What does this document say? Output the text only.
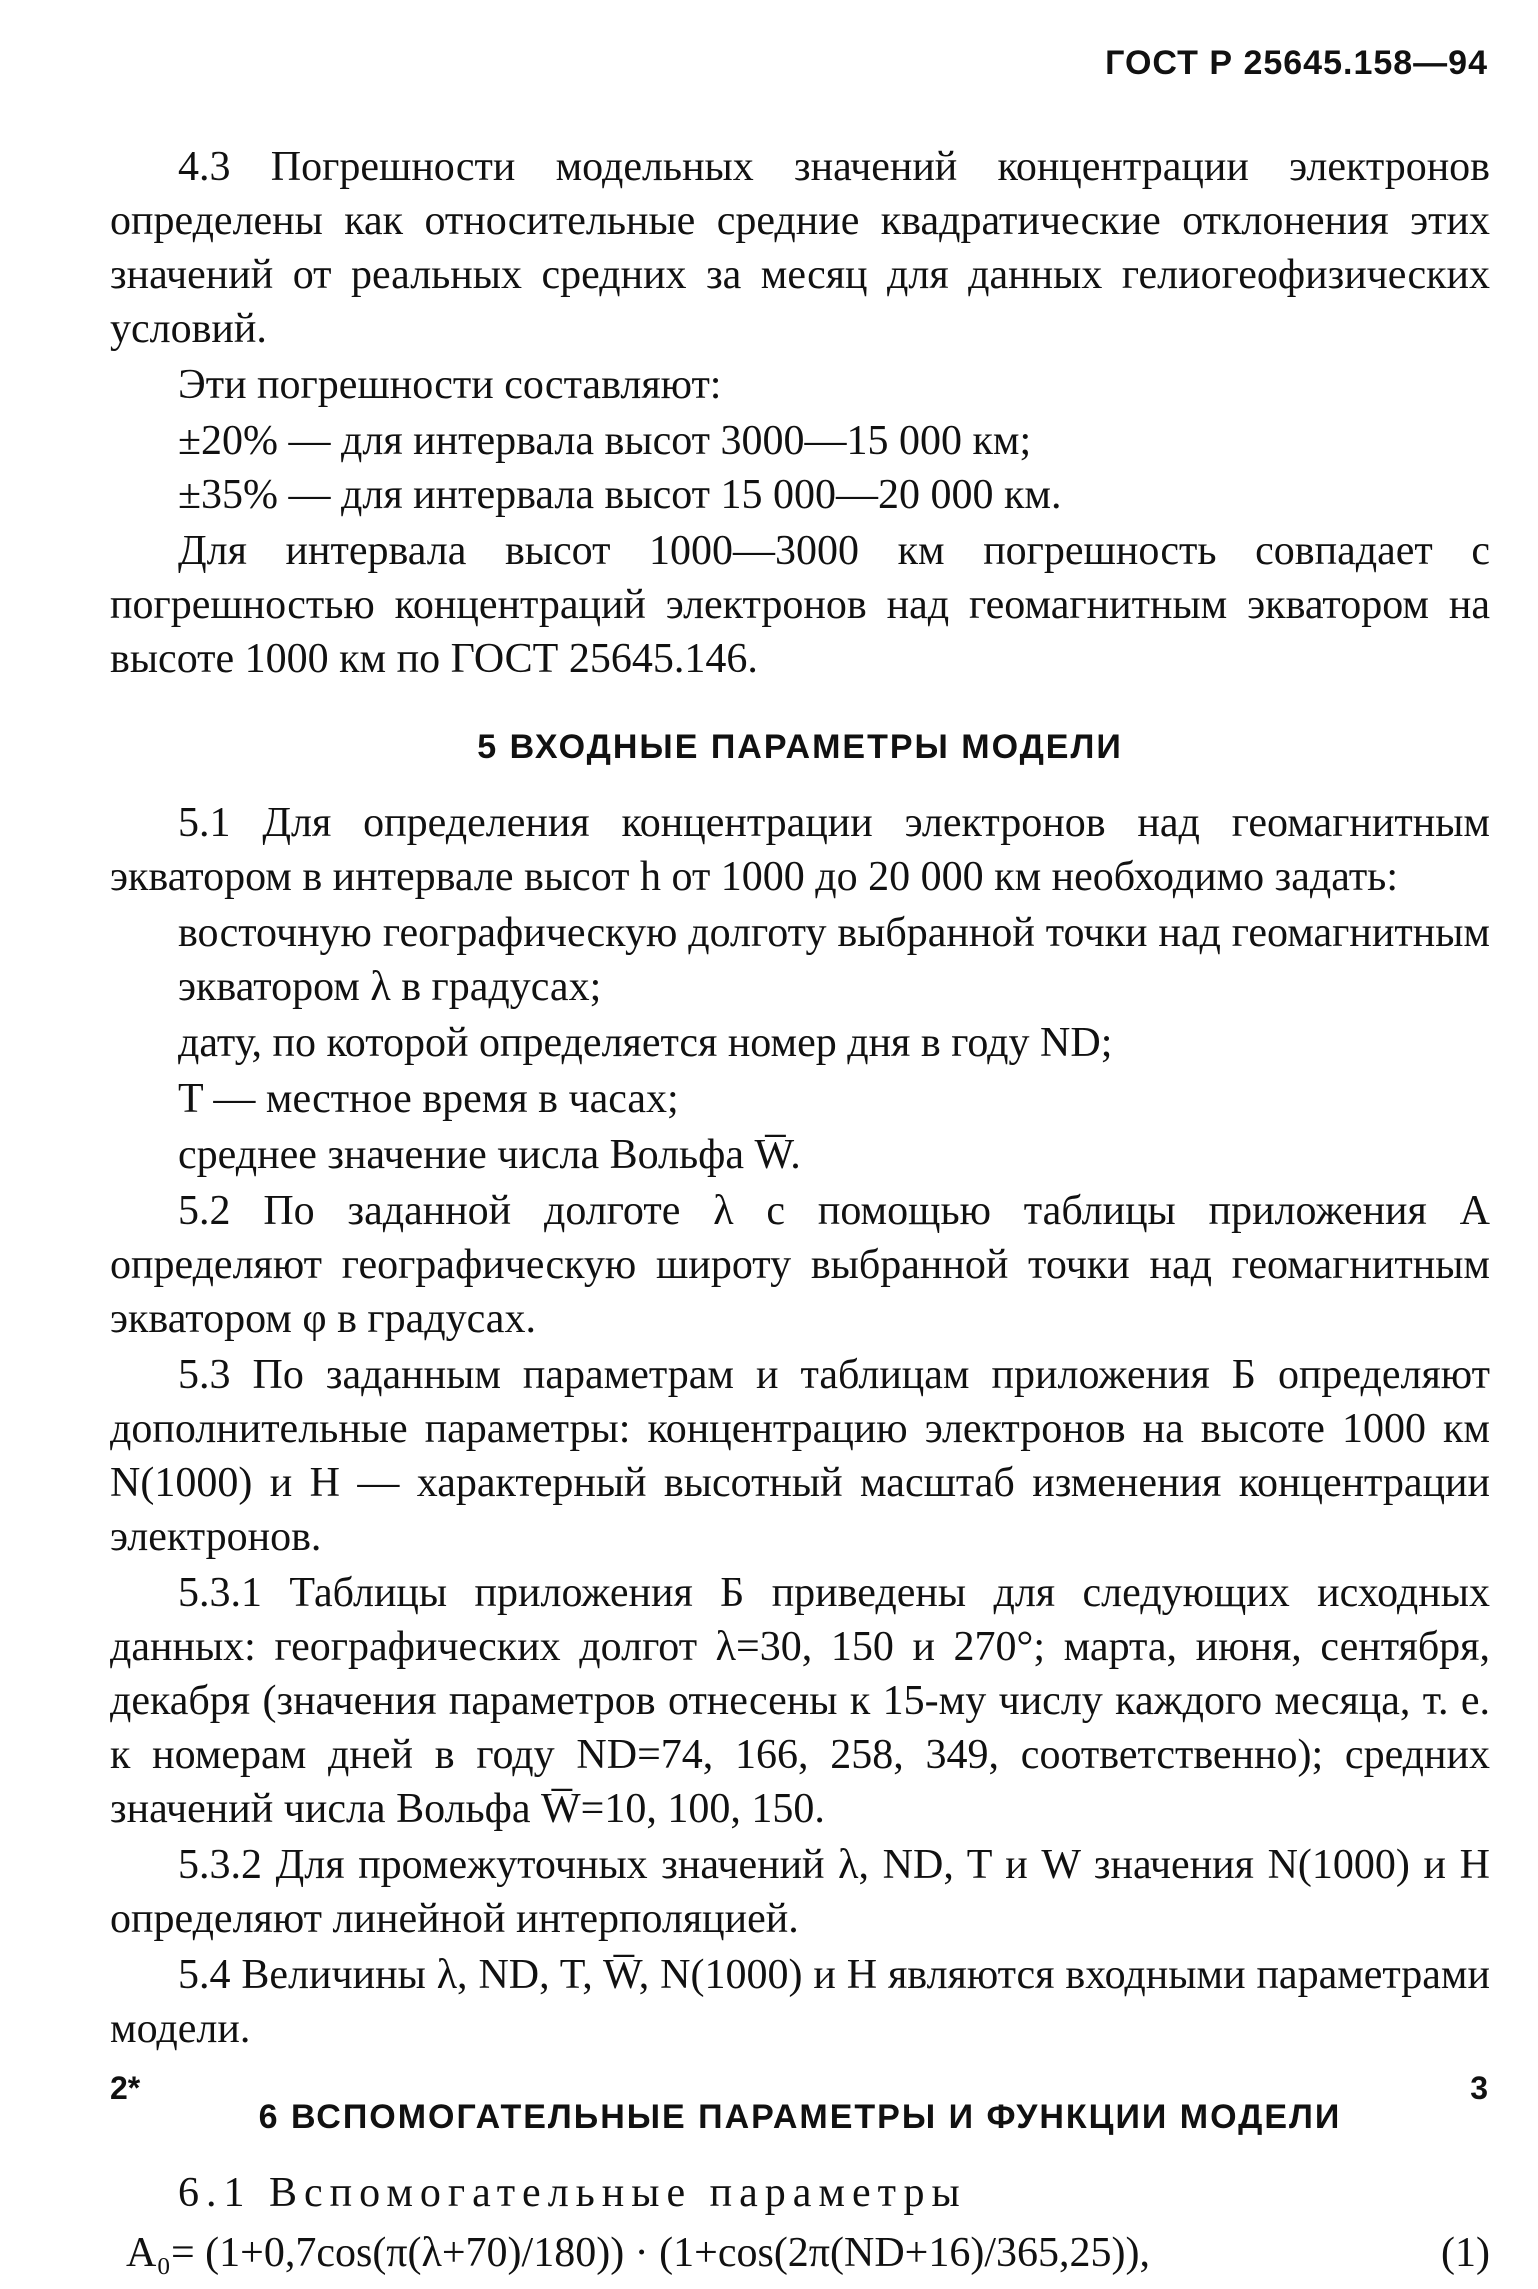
ГОСТ Р 25645.158—94

4.3 Погрешности модельных значений концентрации электронов определены как относительные средние квадратические отклонения этих значений от реальных средних за месяц для данных гелиогеофизических условий.

Эти погрешности составляют:

±20% — для интервала высот 3000—15 000 км;

±35% — для интервала высот 15 000—20 000 км.

Для интервала высот 1000—3000 км погрешность совпадает с погрешностью концентраций электронов над геомагнитным экватором на высоте 1000 км по ГОСТ 25645.146.

5 ВХОДНЫЕ ПАРАМЕТРЫ МОДЕЛИ

5.1 Для определения концентрации электронов над геомагнитным экватором в интервале высот h от 1000 до 20 000 км необходимо задать:

восточную географическую долготу выбранной точки над геомагнитным экватором λ в градусах;

дату, по которой определяется номер дня в году ND;

T — местное время в часах;

среднее значение числа Вольфа W̅.

5.2 По заданной долготе λ с помощью таблицы приложения А определяют географическую широту выбранной точки над геомагнитным экватором φ в градусах.

5.3 По заданным параметрам и таблицам приложения Б определяют дополнительные параметры: концентрацию электронов на высоте 1000 км N(1000) и H — характерный высотный масштаб изменения концентрации электронов.

5.3.1 Таблицы приложения Б приведены для следующих исходных данных: географических долгот λ=30, 150 и 270°; марта, июня, сентября, декабря (значения параметров отнесены к 15-му числу каждого месяца, т. е. к номерам дней в году ND=74, 166, 258, 349, соответственно); средних значений числа Вольфа W̅=10, 100, 150.

5.3.2 Для промежуточных значений λ, ND, T и W значения N(1000) и H определяют линейной интерполяцией.

5.4 Величины λ, ND, T, W̅, N(1000) и H являются входными параметрами модели.

6 ВСПОМОГАТЕЛЬНЫЕ ПАРАМЕТРЫ И ФУНКЦИИ МОДЕЛИ

6.1 Вспомогательные параметры

A₀= (1+0,7cos(π(λ+70)/180)) · (1+cos(2π(ND+16)/365,25)),	(1)
2*	3
